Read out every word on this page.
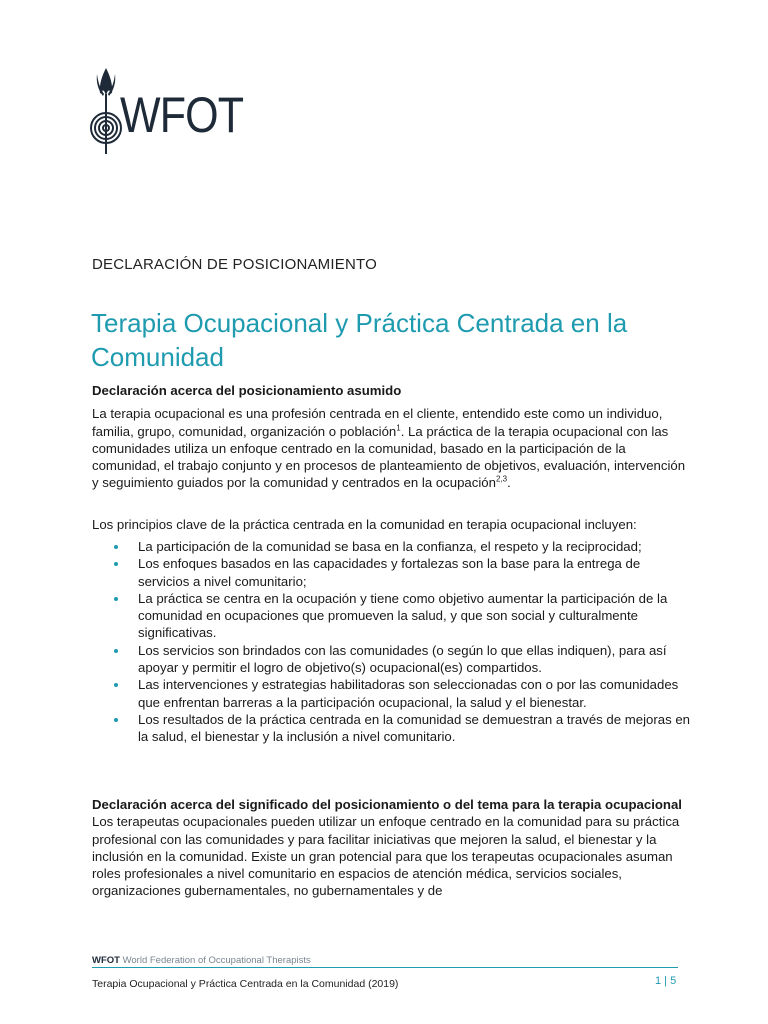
WFOT
DECLARACIÓN DE POSICIONAMIENTO
Terapia Ocupacional y Práctica Centrada en la Comunidad

Declaración acerca del posicionamiento asumido

La terapia ocupacional es una profesión centrada en el cliente, entendido este como un individuo, familia, grupo, comunidad, organización o población$^1$. La práctica de la terapia ocupacional con las comunidades utiliza un enfoque centrado en la comunidad, basado en la participación de la comunidad, el trabajo conjunto y en procesos de planteamiento de objetivos, evaluación, intervención y seguimiento guiados por la comunidad y centrados en la ocupación$^{2,3}$.

Los principios clave de la práctica centrada en la comunidad en terapia ocupacional incluyen:

La participación de la comunidad se basa en la confianza, el respeto y la reciprocidad;
Los enfoques basados en las capacidades y fortalezas son la base para la entrega de servicios a nivel comunitario;
La práctica se centra en la ocupación y tiene como objetivo aumentar la participación de la comunidad en ocupaciones que promueven la salud, y que son social y culturalmente significativas.
Los servicios son brindados con las comunidades (o según lo que ellas indiquen), para así apoyar y permitir el logro de objetivo(s) ocupacional(es) compartidos.
Las intervenciones y estrategias habilitadoras son seleccionadas con o por las comunidades que enfrentan barreras a la participación ocupacional, la salud y el bienestar.
Los resultados de la práctica centrada en la comunidad se demuestran a través de mejoras en la salud, el bienestar y la inclusión a nivel comunitario.

Declaración acerca del significado del posicionamiento o del tema para la terapia ocupacional

Los terapeutas ocupacionales pueden utilizar un enfoque centrado en la comunidad para su práctica profesional con las comunidades y para facilitar iniciativas que mejoren la salud, el bienestar y la inclusión en la comunidad. Existe un gran potencial para que los terapeutas ocupacionales asuman roles profesionales a nivel comunitario en espacios de atención médica, servicios sociales, organizaciones gubernamentales, no gubernamentales y de

WFOT World Federation of Occupational Therapists
Terapia Ocupacional y Práctica Centrada en la Comunidad (2019)	1 | 5
